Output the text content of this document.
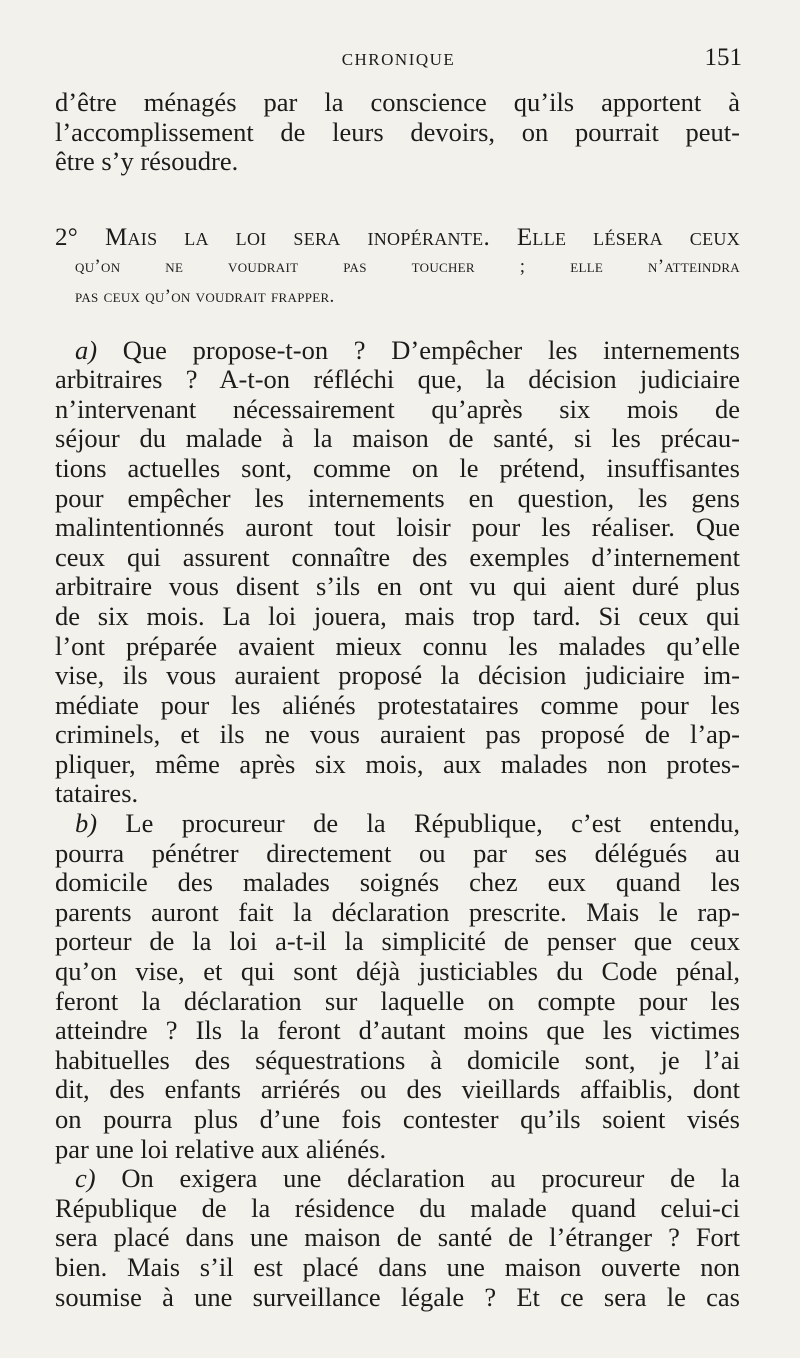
CHRONIQUE	151
d’être ménagés par la conscience qu’ils apportent à
l’accomplissement de leurs devoirs, on pourrait peut-
être s’y résoudre.
2° Mais la loi sera inopérante. Elle lésera ceux
qu’on ne voudrait pas toucher ; elle n’atteindra
pas ceux qu’on voudrait frapper.
a) Que propose-t-on ? D’empêcher les internements
arbitraires ? A-t-on réfléchi que, la décision judiciaire
n’intervenant nécessairement qu’après six mois de
séjour du malade à la maison de santé, si les précau-
tions actuelles sont, comme on le prétend, insuffisantes
pour empêcher les internements en question, les gens
malintentionnés auront tout loisir pour les réaliser. Que
ceux qui assurent connaître des exemples d’internement
arbitraire vous disent s’ils en ont vu qui aient duré plus
de six mois. La loi jouera, mais trop tard. Si ceux qui
l’ont préparée avaient mieux connu les malades qu’elle
vise, ils vous auraient proposé la décision judiciaire im-
médiate pour les aliénés protestataires comme pour les
criminels, et ils ne vous auraient pas proposé de l’ap-
pliquer, même après six mois, aux malades non protes-
tataires.
b) Le procureur de la République, c’est entendu,
pourra pénétrer directement ou par ses délégués au
domicile des malades soignés chez eux quand les
parents auront fait la déclaration prescrite. Mais le rap-
porteur de la loi a-t-il la simplicité de penser que ceux
qu’on vise, et qui sont déjà justiciables du Code pénal,
feront la déclaration sur laquelle on compte pour les
atteindre ? Ils la feront d’autant moins que les victimes
habituelles des séquestrations à domicile sont, je l’ai
dit, des enfants arriérés ou des vieillards affaiblis, dont
on pourra plus d’une fois contester qu’ils soient visés
par une loi relative aux aliénés.
c) On exigera une déclaration au procureur de la
République de la résidence du malade quand celui-ci
sera placé dans une maison de santé de l’étranger ? Fort
bien. Mais s’il est placé dans une maison ouverte non
soumise à une surveillance légale ? Et ce sera le cas
